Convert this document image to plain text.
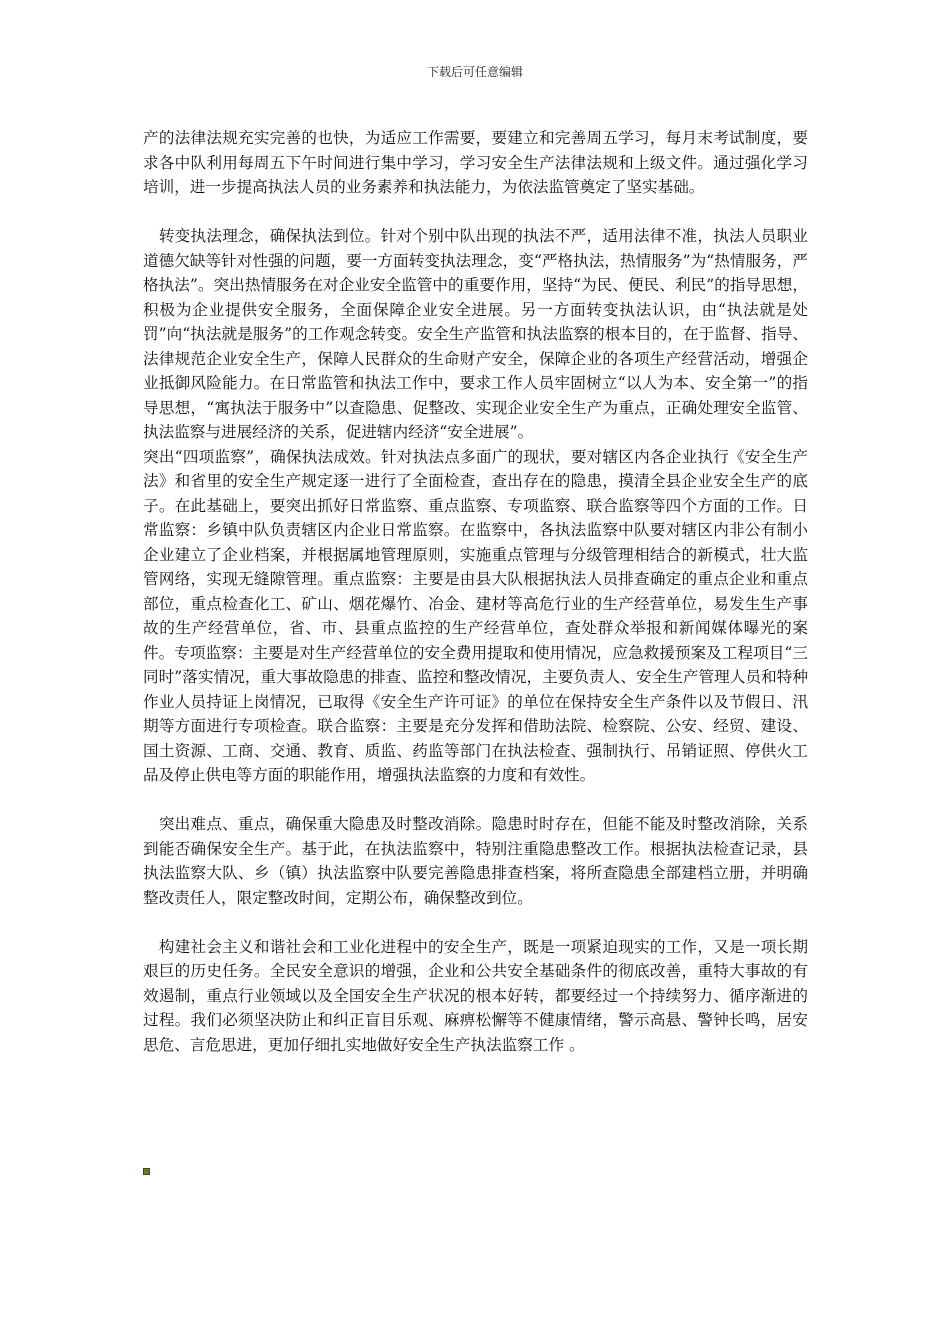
下载后可任意编辑

产的法律法规充实完善的也快，为适应工作需要，要建立和完善周五学习，每月末考试制度，要求各中队利用每周五下午时间进行集中学习，学习安全生产法律法规和上级文件。通过强化学习培训，进一步提高执法人员的业务素养和执法能力，为依法监管奠定了坚实基础。

　转变执法理念，确保执法到位。针对个别中队出现的执法不严，适用法律不准，执法人员职业道德欠缺等针对性强的问题，要一方面转变执法理念，变“严格执法，热情服务”为“热情服务，严格执法”。突出热情服务在对企业安全监管中的重要作用，坚持“为民、便民、利民”的指导思想，积极为企业提供安全服务，全面保障企业安全进展。另一方面转变执法认识，由“执法就是处罚”向“执法就是服务”的工作观念转变。安全生产监管和执法监察的根本目的，在于监督、指导、法律规范企业安全生产，保障人民群众的生命财产安全，保障企业的各项生产经营活动，增强企业抵御风险能力。在日常监管和执法工作中，要求工作人员牢固树立“以人为本、安全第一”的指导思想，“寓执法于服务中”以查隐患、促整改、实现企业安全生产为重点，正确处理安全监管、执法监察与进展经济的关系，促进辖内经济“安全进展”。

突出“四项监察”，确保执法成效。针对执法点多面广的现状，要对辖区内各企业执行《安全生产法》和省里的安全生产规定逐一进行了全面检查，查出存在的隐患，摸清全县企业安全生产的底子。在此基础上，要突出抓好日常监察、重点监察、专项监察、联合监察等四个方面的工作。日常监察：乡镇中队负责辖区内企业日常监察。在监察中，各执法监察中队要对辖区内非公有制小企业建立了企业档案，并根据属地管理原则，实施重点管理与分级管理相结合的新模式，壮大监管网络，实现无缝隙管理。重点监察：主要是由县大队根据执法人员排查确定的重点企业和重点部位，重点检查化工、矿山、烟花爆竹、冶金、建材等高危行业的生产经营单位，易发生生产事故的生产经营单位，省、市、县重点监控的生产经营单位，查处群众举报和新闻媒体曝光的案件。专项监察：主要是对生产经营单位的安全费用提取和使用情况，应急救援预案及工程项目“三同时”落实情况，重大事故隐患的排查、监控和整改情况，主要负责人、安全生产管理人员和特种作业人员持证上岗情况，已取得《安全生产许可证》的单位在保持安全生产条件以及节假日、汛期等方面进行专项检查。联合监察：主要是充分发挥和借助法院、检察院、公安、经贸、建设、国土资源、工商、交通、教育、质监、药监等部门在执法检查、强制执行、吊销证照、停供火工品及停止供电等方面的职能作用，增强执法监察的力度和有效性。

　突出难点、重点，确保重大隐患及时整改消除。隐患时时存在，但能不能及时整改消除，关系到能否确保安全生产。基于此，在执法监察中，特别注重隐患整改工作。根据执法检查记录，县执法监察大队、乡（镇）执法监察中队要完善隐患排查档案，将所查隐患全部建档立册，并明确整改责任人，限定整改时间，定期公布，确保整改到位。

　构建社会主义和谐社会和工业化进程中的安全生产，既是一项紧迫现实的工作，又是一项长期艰巨的历史任务。全民安全意识的增强，企业和公共安全基础条件的彻底改善，重特大事故的有效遏制，重点行业领域以及全国安全生产状况的根本好转，都要经过一个持续努力、循序渐进的过程。我们必须坚决防止和纠正盲目乐观、麻痹松懈等不健康情绪，警示高悬、警钟长鸣，居安思危、言危思进，更加仔细扎实地做好安全生产执法监察工作 。
